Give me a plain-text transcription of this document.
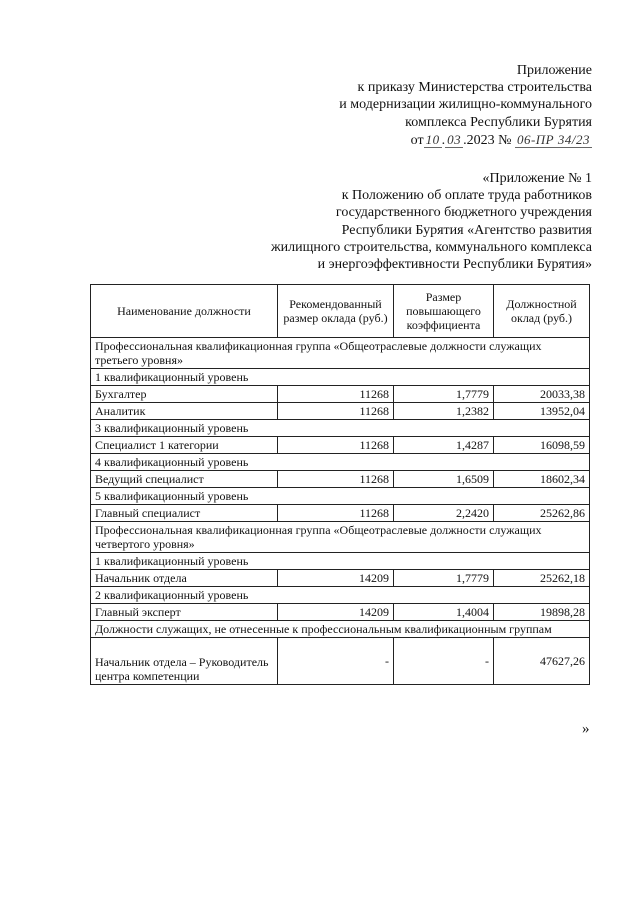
Приложение
к приказу Министерства строительства
и модернизации жилищно-коммунального
комплекса Республики Бурятия
от 10 . 03 .2023 № 06-ПР 34/23
«Приложение № 1
к Положению об оплате труда работников
государственного бюджетного учреждения
Республики Бурятия «Агентство развития
жилищного строительства, коммунального комплекса
и энергоэффективности Республики Бурятия»
Наименование должности	Рекомендованный размер оклада (руб.)	Размер повышающего коэффициента	Должностной оклад (руб.)
Профессиональная квалификационная группа «Общеотраслевые должности служащих третьего уровня»			
1 квалификационный уровень			
Бухгалтер	11268	1,7779	20033,38
Аналитик	11268	1,2382	13952,04
3 квалификационный уровень			
Специалист 1 категории	11268	1,4287	16098,59
4 квалификационный уровень			
Ведущий специалист	11268	1,6509	18602,34
5 квалификационный уровень			
Главный специалист	11268	2,2420	25262,86
Профессиональная квалификационная группа «Общеотраслевые должности служащих четвертого уровня»			
1 квалификационный уровень			
Начальник отдела	14209	1,7779	25262,18
2 квалификационный уровень			
Главный эксперт	14209	1,4004	19898,28
Должности служащих, не отнесенные к профессиональным квалификационным группам			
Начальник отдела – Руководитель центра компетенции	-	-	47627,26
»
